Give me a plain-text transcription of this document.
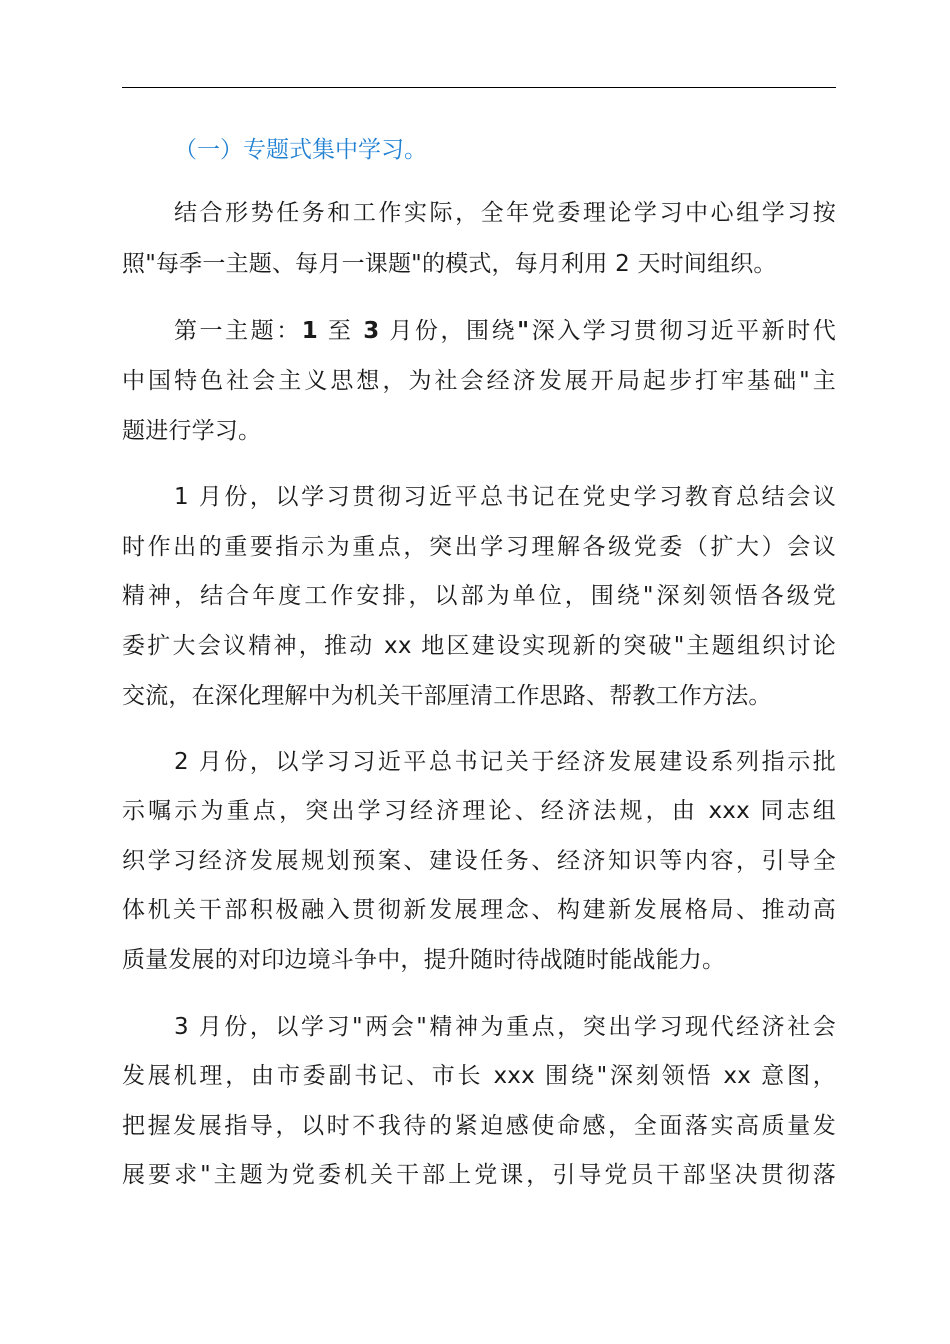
（一）专题式集中学习。
结合形势任务和工作实际，全年党委理论学习中心组学习按
照"每季一主题、每月一课题"的模式，每月利用 2 天时间组织。
第一主题：1 至 3 月份，围绕"深入学习贯彻习近平新时代
中国特色社会主义思想，为社会经济发展开局起步打牢基础"主
题进行学习。
1 月份，以学习贯彻习近平总书记在党史学习教育总结会议
时作出的重要指示为重点，突出学习理解各级党委（扩大）会议
精神，结合年度工作安排，以部为单位，围绕"深刻领悟各级党
委扩大会议精神，推动 xx 地区建设实现新的突破"主题组织讨论
交流，在深化理解中为机关干部厘清工作思路、帮教工作方法。
2 月份，以学习习近平总书记关于经济发展建设系列指示批
示嘱示为重点，突出学习经济理论、经济法规，由 xxx 同志组
织学习经济发展规划预案、建设任务、经济知识等内容，引导全
体机关干部积极融入贯彻新发展理念、构建新发展格局、推动高
质量发展的对印边境斗争中，提升随时待战随时能战能力。
3 月份，以学习"两会"精神为重点，突出学习现代经济社会
发展机理，由市委副书记、市长 xxx 围绕"深刻领悟 xx 意图，
把握发展指导，以时不我待的紧迫感使命感，全面落实高质量发
展要求"主题为党委机关干部上党课，引导党员干部坚决贯彻落
